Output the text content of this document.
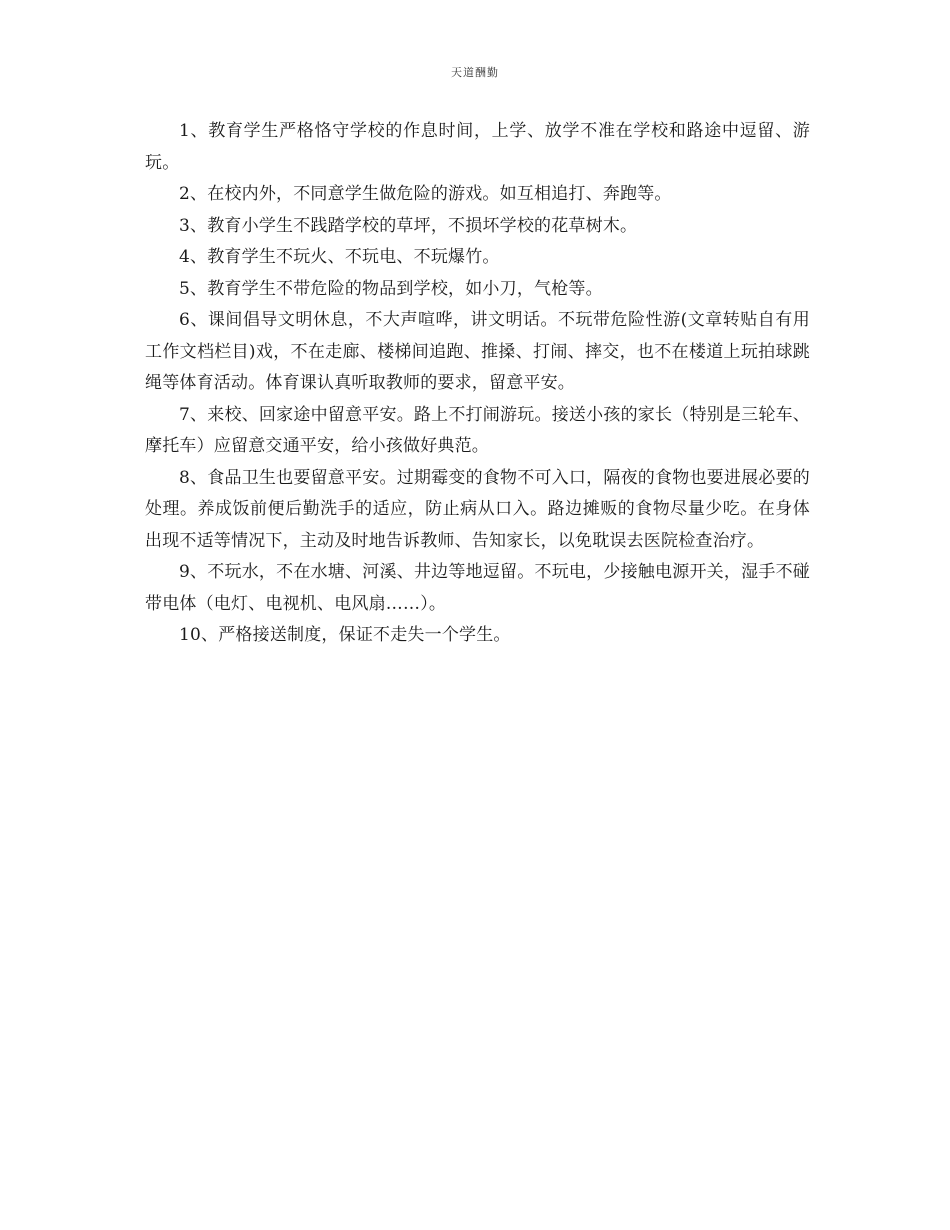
天道酬勤

1、教育学生严格恪守学校的作息时间，上学、放学不准在学校和路途中逗留、游玩。

2、在校内外，不同意学生做危险的游戏。如互相追打、奔跑等。

3、教育小学生不践踏学校的草坪，不损坏学校的花草树木。

4、教育学生不玩火、不玩电、不玩爆竹。

5、教育学生不带危险的物品到学校，如小刀，气枪等。

6、课间倡导文明休息，不大声喧哗，讲文明话。不玩带危险性游(文章转贴自有用工作文档栏目)戏，不在走廊、楼梯间追跑、推搡、打闹、摔交，也不在楼道上玩拍球跳绳等体育活动。体育课认真听取教师的要求，留意平安。

7、来校、回家途中留意平安。路上不打闹游玩。接送小孩的家长（特别是三轮车、摩托车）应留意交通平安，给小孩做好典范。

8、食品卫生也要留意平安。过期霉变的食物不可入口，隔夜的食物也要进展必要的处理。养成饭前便后勤洗手的适应，防止病从口入。路边摊贩的食物尽量少吃。在身体出现不适等情况下，主动及时地告诉教师、告知家长，以免耽误去医院检查治疗。

9、不玩水，不在水塘、河溪、井边等地逗留。不玩电，少接触电源开关，湿手不碰带电体（电灯、电视机、电风扇……）。

10、严格接送制度，保证不走失一个学生。
